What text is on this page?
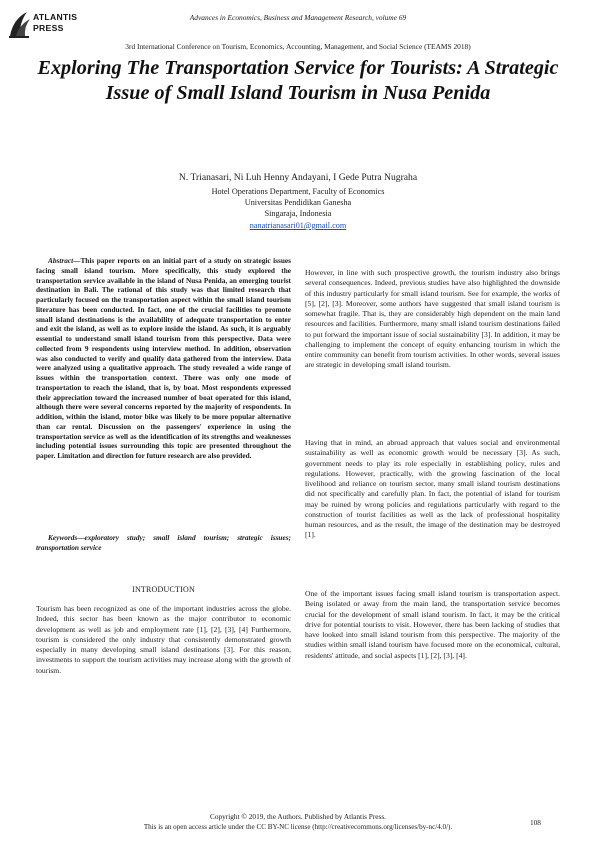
ATLANTIS
PRESS
Advances in Economics, Business and Management Research, volume 69
3rd International Conference on Tourism, Economics, Accounting, Management, and Social Science (TEAMS 2018)
Exploring The Transportation Service for Tourists: A Strategic Issue of Small Island Tourism in Nusa Penida
N. Trianasari, Ni Luh Henny Andayani, I Gede Putra Nugraha
Hotel Operations Department, Faculty of Economics
Universitas Pendidikan Ganesha
Singaraja, Indonesia
nanatrianasari01@gmail.com
Abstract—This paper reports on an initial part of a study on strategic issues facing small island tourism. More specifically, this study explored the transportation service available in the island of Nusa Penida, an emerging tourist destination in Bali. The rational of this study was that limited research that particularly focused on the transportation aspect within the small island tourism literature has been conducted. In fact, one of the crucial facilities to promote small island destinations is the availability of adequate transportation to enter and exit the island, as well as to explore inside the island. As such, it is arguably essential to understand small island tourism from this perspective. Data were collected from 9 respondents using interview method. In addition, observation was also conducted to verify and qualify data gathered from the interview. Data were analyzed using a qualitative approach. The study revealed a wide range of issues within the transportation context. There was only one mode of transportation to reach the island, that is, by boat. Most respondents expressed their appreciation toward the increased number of boat operated for this island, although there were several concerns reported by the majority of respondents. In addition, within the island, motor bike was likely to be more popular alternative than car rental. Discussion on the passengers' experience in using the transportation service as well as the identification of its strengths and weaknesses including potential issues surrounding this topic are presented throughout the paper. Limitation and direction for future research are also provided.
Keywords—exploratory study; small island tourism; strategic issues; transportation service
INTRODUCTION
Tourism has been recognized as one of the important industries across the globe. Indeed, this sector has been known as the major contributor to economic development as well as job and employment rate [1], [2], [3], [4] Furthermore, tourism is considered the only industry that consistently demonstrated growth especially in many developing small island destinations [3]. For this reason, investments to support the tourism activities may increase along with the growth of tourism.
However, in line with such prospective growth, the tourism industry also brings several consequences. Indeed, previous studies have also highlighted the downside of this industry particularly for small island tourism. See for example, the works of [5], [2], [3]. Moreover, some authors have suggested that small island tourism is somewhat fragile. That is, they are considerably high dependent on the main land resources and facilities. Furthermore, many small island tourism destinations failed to put forward the important issue of social sustainability [3]. In addition, it may be challenging to implement the concept of equity enhancing tourism in which the entire community can benefit from tourism activities. In other words, several issues are strategic in developing small island tourism.
Having that in mind, an abroad approach that values social and environmental sustainability as well as economic growth would be necessary [3]. As such, government needs to play its role especially in establishing policy, rules and regulations. However, practically, with the growing fascination of the local livelihood and reliance on tourism sector, many small island tourism destinations did not specifically and carefully plan. In fact, the potential of island for tourism may be ruined by wrong policies and regulations particularly with regard to the construction of tourist facilities as well as the lack of professional hospitality human resources, and as the result, the image of the destination may be destroyed [1].
One of the important issues facing small island tourism is transportation aspect. Being isolated or away from the main land, the transportation service becomes crucial for the development of small island tourism. In fact, it may be the critical drive for potential tourists to visit. However, there has been lacking of studies that have looked into small island tourism from this perspective. The majority of the studies within small island tourism have focused more on the economical, cultural, residents' attitude, and social aspects [1], [2], [3], [4].
Copyright © 2019, the Authors. Published by Atlantis Press.
This is an open access article under the CC BY-NC license (http://creativecommons.org/licenses/by-nc/4.0/).	108
